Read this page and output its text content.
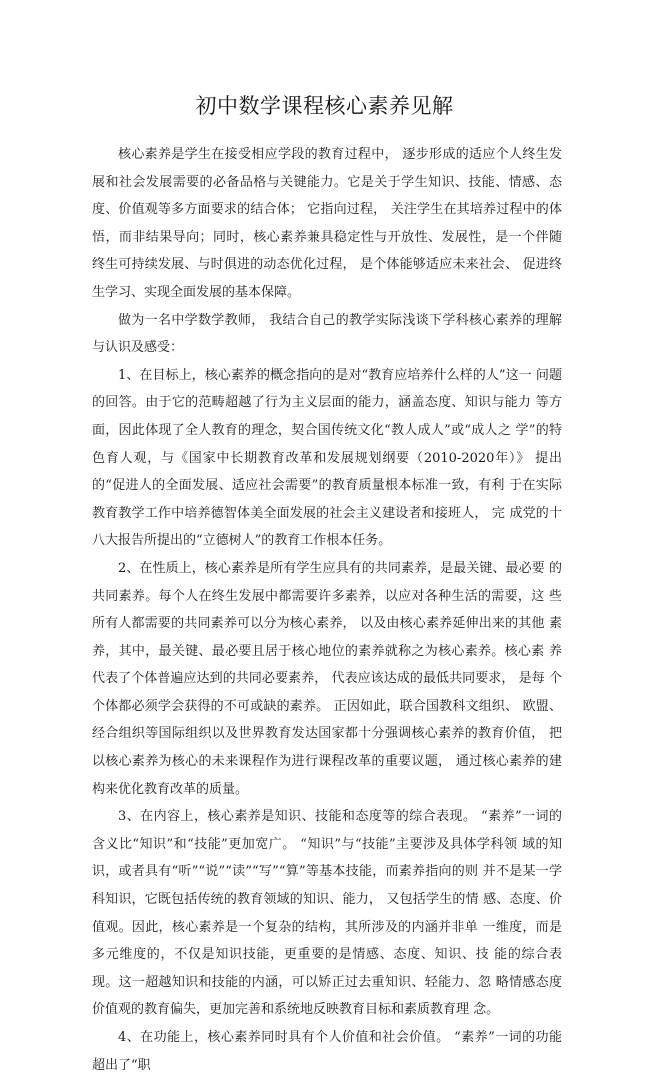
初中数学课程核心素养见解

核心素养是学生在接受相应学段的教育过程中， 逐步形成的适应个人终生发 展和社会发展需要的必备品格与关键能力。它是关于学生知识、技能、情感、态 度、价值观等多方面要求的结合体； 它指向过程， 关注学生在其培养过程中的体 悟，而非结果导向；同时，核心素养兼具稳定性与开放性、发展性，是一个伴随 终生可持续发展、与时俱进的动态优化过程， 是个体能够适应未来社会、 促进终 生学习、实现全面发展的基本保障。

做为一名中学数学教师， 我结合自己的教学实际浅谈下学科核心素养的理解 与认识及感受：

1、在目标上，核心素养的概念指向的是对“教育应培养什么样的人”这一 问题的回答。由于它的范畴超越了行为主义层面的能力，涵盖态度、知识与能力 等方面，因此体现了全人教育的理念，契合国传统文化“教人成人”或“成人之 学”的特色育人观，与《国家中长期教育改革和发展规划纲要（2010-2020年）》 提出的“促进人的全面发展、适应社会需要”的教育质量根本标准一致，有利 于在实际教育教学工作中培养德智体美全面发展的社会主义建设者和接班人， 完 成党的十八大报告所提出的“立德树人”的教育工作根本任务。

2、在性质上，核心素养是所有学生应具有的共同素养，是最关键、最必要 的共同素养。每个人在终生发展中都需要许多素养，以应对各种生活的需要，这 些所有人都需要的共同素养可以分为核心素养， 以及由核心素养延伸出来的其他 素养，其中，最关键、最必要且居于核心地位的素养就称之为核心素养。核心素 养代表了个体普遍应达到的共同必要素养， 代表应该达成的最低共同要求， 是每 个个体都必须学会获得的不可或缺的素养。 正因如此，联合国教科文组织、 欧盟、 经合组织等国际组织以及世界教育发达国家都十分强调核心素养的教育价值， 把 以核心素养为核心的未来课程作为进行课程改革的重要议题， 通过核心素养的建 构来优化教育改革的质量。

3、在内容上，核心素养是知识、技能和态度等的综合表现。 “素养”一词的 含义比“知识”和“技能”更加宽广。 “知识”与“技能”主要涉及具体学科领 域的知识，或者具有“听”“说”“读”“写”“算”等基本技能，而素养指向的则 并不是某一学科知识，它既包括传统的教育领域的知识、能力， 又包括学生的情 感、态度、价值观。因此，核心素养是一个复杂的结构，其所涉及的内涵并非单 一维度，而是多元维度的，不仅是知识技能，更重要的是情感、态度、知识、技 能的综合表现。这一超越知识和技能的内涵，可以矫正过去重知识、轻能力、忽 略情感态度价值观的教育偏失，更加完善和系统地反映教育目标和素质教育理 念。

4、在功能上，核心素养同时具有个人价值和社会价值。 “素养”一词的功能 超出了“职
